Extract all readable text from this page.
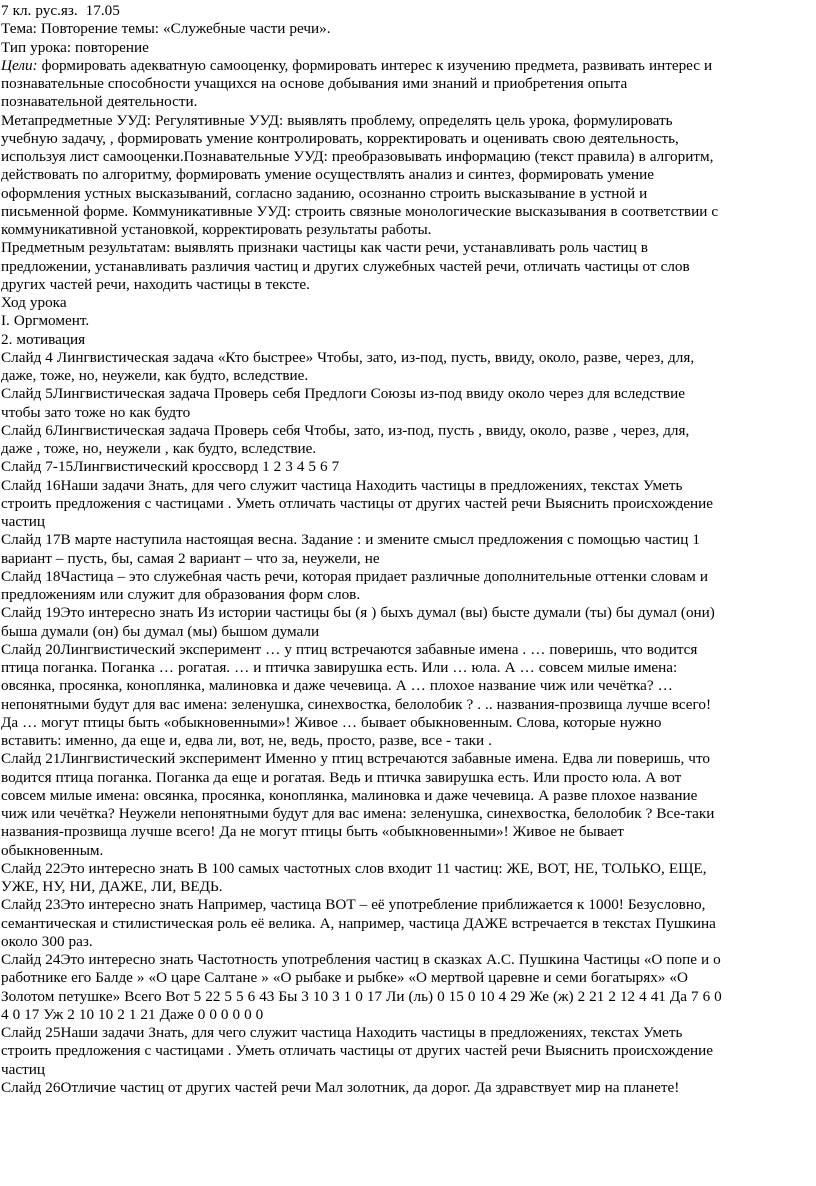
7 кл. рус.яз.  17.05
Тема: Повторение темы: «Служебные части речи».
Тип урока: повторение
Цели: формировать адекватную самооценку, формировать интерес к изучению предмета, развивать интерес и
познавательные способности учащихся на основе добывания ими знаний и приобретения опыта
познавательной деятельности.
Метапредметные УУД: Регулятивные УУД: выявлять проблему, определять цель урока, формулировать
учебную задачу, , формировать умение контролировать, корректировать и оценивать свою деятельность,
используя лист самооценки.Познавательные УУД: преобразовывать информацию (текст правила) в алгоритм,
действовать по алгоритму, формировать умение осуществлять анализ и синтез, формировать умение
оформления устных высказываний, согласно заданию, осознанно строить высказывание в устной и
письменной форме. Коммуникативные УУД: строить связные монологические высказывания в соответствии с
коммуникативной установкой, корректировать результаты работы.
Предметным результатам: выявлять признаки частицы как части речи, устанавливать роль частиц в
предложении, устанавливать различия частиц и других служебных частей речи, отличать частицы от слов
других частей речи, находить частицы в тексте.
Ход урока
I. Оргмомент.
2. мотивация
Слайд 4 Лингвистическая задача «Кто быстрее» Чтобы, зато, из-под, пусть, ввиду, около, разве, через, для,
даже, тоже, но, неужели, как будто, вследствие.
Слайд 5Лингвистическая задача Проверь себя Предлоги Союзы из-под ввиду около через для вследствие
чтобы зато тоже но как будто
Слайд 6Лингвистическая задача Проверь себя Чтобы, зато, из-под, пусть , ввиду, около, разве , через, для,
даже , тоже, но, неужели , как будто, вследствие.
Слайд 7-15Лингвистический кроссворд 1 2 3 4 5 6 7
Слайд 16Наши задачи Знать, для чего служит частица Находить частицы в предложениях, текстах Уметь
строить предложения с частицами . Уметь отличать частицы от других частей речи Выяснить происхождение
частиц
Слайд 17В марте наступила настоящая весна. Задание : и змените смысл предложения с помощью частиц 1
вариант – пусть, бы, самая 2 вариант – что за, неужели, не
Слайд 18Частица – это служебная часть речи, которая придает различные дополнительные оттенки словам и
предложениям или служит для образования форм слов.
Слайд 19Это интересно знать Из истории частицы бы (я ) быхъ думал (вы) бысте думали (ты) бы думал (они)
быша думали (он) бы думал (мы) бышом думали
Слайд 20Лингвистический эксперимент … у птиц встречаются забавные имена . … поверишь, что водится
птица поганка. Поганка … рогатая. … и птичка завирушка есть. Или … юла. А … совсем милые имена:
овсянка, просянка, коноплянка, малиновка и даже чечевица. А … плохое название чиж или чечётка? …
непонятными будут для вас имена: зеленушка, синехвостка, белолобик ? . .. названия-прозвища лучше всего!
Да … могут птицы быть «обыкновенными»! Живое … бывает обыкновенным. Слова, которые нужно
вставить: именно, да еще и, едва ли, вот, не, ведь, просто, разве, все - таки .
Слайд 21Лингвистический эксперимент Именно у птиц встречаются забавные имена. Едва ли поверишь, что
водится птица поганка. Поганка да еще и рогатая. Ведь и птичка завирушка есть. Или просто юла. А вот
совсем милые имена: овсянка, просянка, коноплянка, малиновка и даже чечевица. А разве плохое название
чиж или чечётка? Неужели непонятными будут для вас имена: зеленушка, синехвостка, белолобик ? Все-таки
названия-прозвища лучше всего! Да не могут птицы быть «обыкновенными»! Живое не бывает
обыкновенным.
Слайд 22Это интересно знать В 100 самых частотных слов входит 11 частиц: ЖЕ, ВОТ, НЕ, ТОЛЬКО, ЕЩЕ,
УЖЕ, НУ, НИ, ДАЖЕ, ЛИ, ВЕДЬ.
Слайд 23Это интересно знать Например, частица ВОТ – её употребление приближается к 1000! Безусловно,
семантическая и стилистическая роль её велика. А, например, частица ДАЖЕ встречается в текстах Пушкина
около 300 раз.
Слайд 24Это интересно знать Частотность употребления частиц в сказках А.С. Пушкина Частицы «О попе и о
работнике его Балде » «О царе Салтане » «О рыбаке и рыбке» «О мертвой царевне и семи богатырях» «О
Золотом петушке» Всего Вот 5 22 5 5 6 43 Бы 3 10 3 1 0 17 Ли (ль) 0 15 0 10 4 29 Же (ж) 2 21 2 12 4 41 Да 7 6 0
4 0 17 Уж 2 10 10 2 1 21 Даже 0 0 0 0 0 0
Слайд 25Наши задачи Знать, для чего служит частица Находить частицы в предложениях, текстах Уметь
строить предложения с частицами . Уметь отличать частицы от других частей речи Выяснить происхождение
частиц
Слайд 26Отличие частиц от других частей речи Мал золотник, да дорог. Да здравствует мир на планете!
